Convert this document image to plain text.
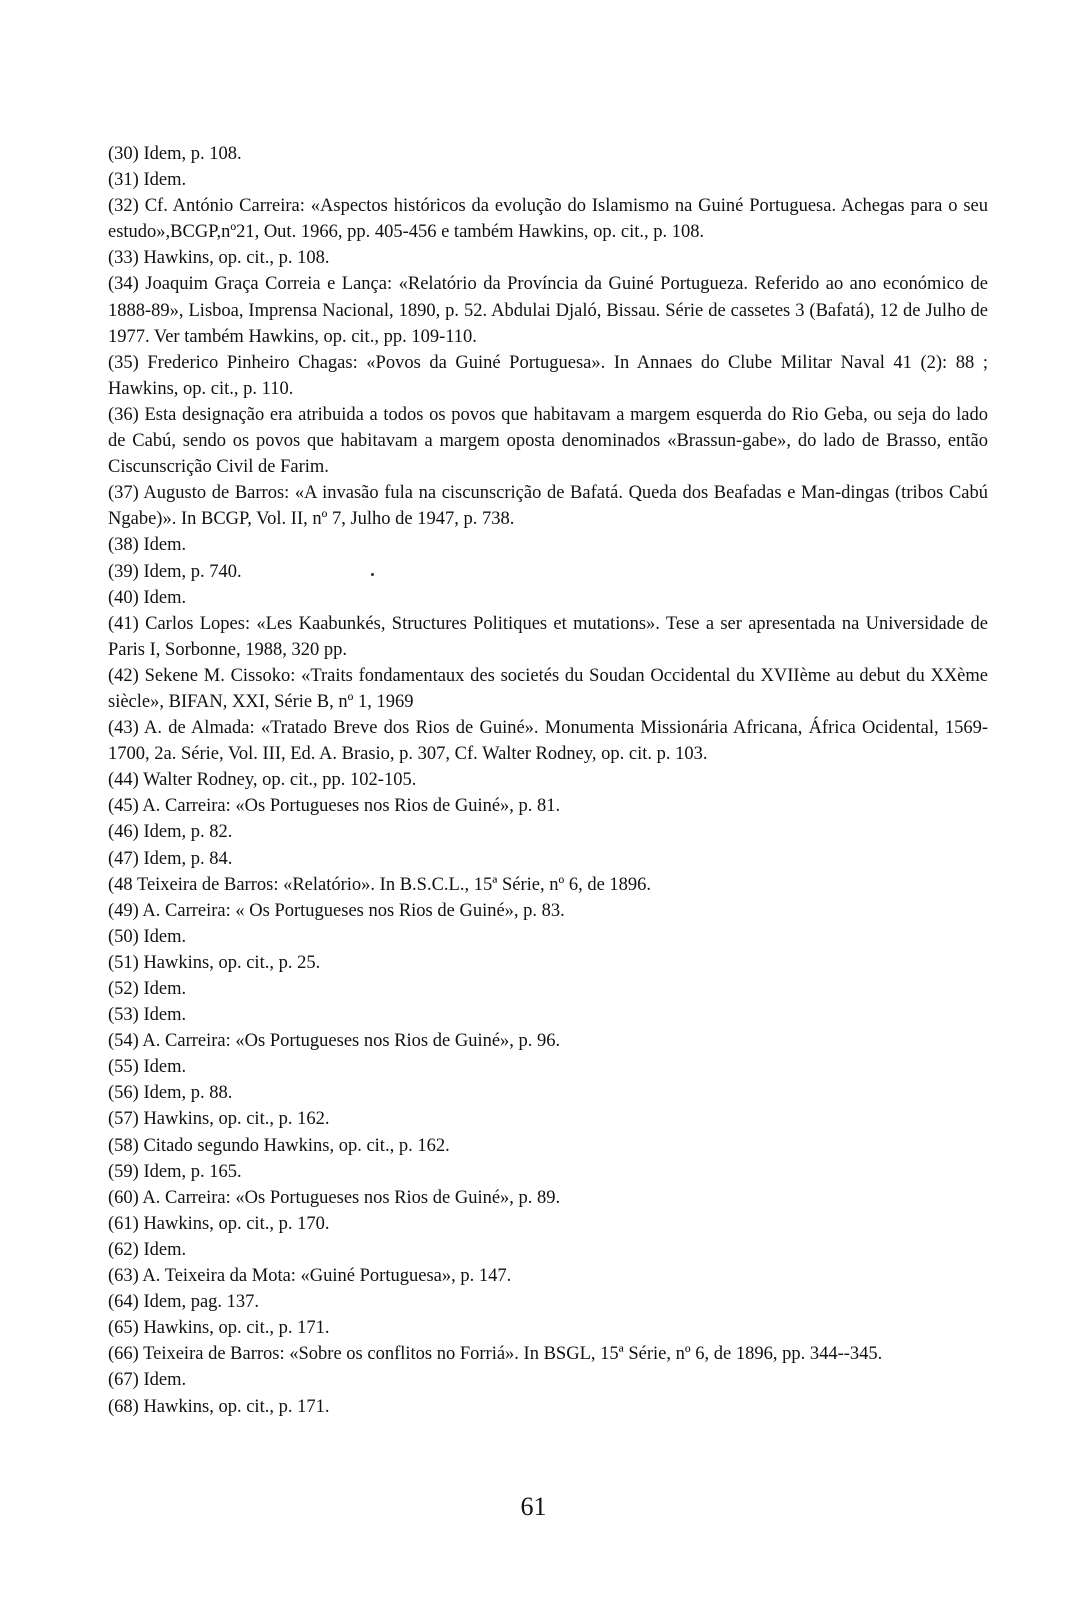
(30) Idem, p. 108.

(31) Idem.

(32) Cf. António Carreira: «Aspectos históricos da evolução do Islamismo na Guiné Portuguesa. Achegas para o seu estudo»,BCGP,nº21, Out. 1966, pp. 405-456 e também Hawkins, op. cit., p. 108.

(33) Hawkins, op. cit., p. 108.

(34) Joaquim Graça Correia e Lança: «Relatório da Província da Guiné Portugueza. Referido ao ano económico de 1888-89», Lisboa, Imprensa Nacional, 1890, p. 52. Abdulai Djaló, Bissau. Série de cassetes 3 (Bafatá), 12 de Julho de 1977. Ver também Hawkins, op. cit., pp. 109-110.

(35) Frederico Pinheiro Chagas: «Povos da Guiné Portuguesa». In Annaes do Clube Militar Naval 41 (2): 88 ; Hawkins, op. cit., p. 110.

(36) Esta designação era atribuida a todos os povos que habitavam a margem esquerda do Rio Geba, ou seja do lado de Cabú, sendo os povos que habitavam a margem oposta denominados «Brassun-gabe», do lado de Brasso, então Ciscunscrição Civil de Farim.

(37) Augusto de Barros: «A invasão fula na ciscunscrição de Bafatá. Queda dos Beafadas e Man-dingas (tribos Cabú Ngabe)». In BCGP, Vol. II, nº 7, Julho de 1947, p. 738.

(38) Idem.

(39) Idem, p. 740.

(40) Idem.

(41) Carlos Lopes: «Les Kaabunkés, Structures Politiques et mutations». Tese a ser apresentada na Universidade de Paris I, Sorbonne, 1988, 320 pp.

(42) Sekene M. Cissoko: «Traits fondamentaux des societés du Soudan Occidental du XVIIème au debut du XXème siècle», BIFAN, XXI, Série B, nº 1, 1969

(43) A. de Almada: «Tratado Breve dos Rios de Guiné». Monumenta Missionária Africana, África Ocidental, 1569-1700, 2a. Série, Vol. III, Ed. A. Brasio, p. 307, Cf. Walter Rodney, op. cit. p. 103.

(44) Walter Rodney, op. cit., pp. 102-105.

(45) A. Carreira: «Os Portugueses nos Rios de Guiné», p. 81.

(46) Idem, p. 82.

(47) Idem, p. 84.

(48 Teixeira de Barros: «Relatório». In B.S.C.L., 15ª Série, nº 6, de 1896.

(49) A. Carreira: « Os Portugueses nos Rios de Guiné», p. 83.

(50) Idem.

(51) Hawkins, op. cit., p. 25.

(52) Idem.

(53) Idem.

(54) A. Carreira: «Os Portugueses nos Rios de Guiné», p. 96.

(55) Idem.

(56) Idem, p. 88.

(57) Hawkins, op. cit., p. 162.

(58) Citado segundo Hawkins, op. cit., p. 162.

(59) Idem, p. 165.

(60) A. Carreira: «Os Portugueses nos Rios de Guiné», p. 89.

(61) Hawkins, op. cit., p. 170.

(62) Idem.

(63) A. Teixeira da Mota: «Guiné Portuguesa», p. 147.

(64) Idem, pag. 137.

(65) Hawkins, op. cit., p. 171.

(66) Teixeira de Barros: «Sobre os conflitos no Forriá». In BSGL, 15ª Série, nº 6, de 1896, pp. 344--345.

(67) Idem.

(68) Hawkins, op. cit., p. 171.

61
